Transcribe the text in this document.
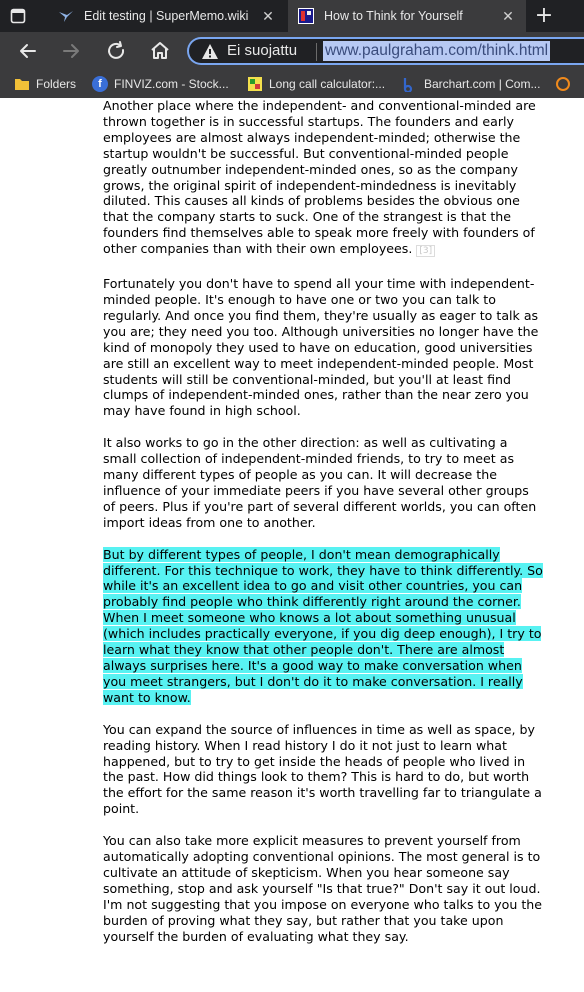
Edit testing | SuperMemo.wiki ✕	How to Think for Yourself	✕ +
Ei suojattu www.paulgraham.com/think.html
Folders	f	FINVIZ.com - Stock...	Long call calculator:...	Barchart.com | Com...

Another place where the independent- and conventional-minded are thrown together is in successful startups. The founders and early employees are almost always independent-minded; otherwise the startup wouldn't be successful. But conventional-minded people greatly outnumber independent-minded ones, so as the company grows, the original spirit of independent-mindedness is inevitably diluted. This causes all kinds of problems besides the obvious one that the company starts to suck. One of the strangest is that the founders find themselves able to speak more freely with founders of other companies than with their own employees. [3]

Fortunately you don't have to spend all your time with independent-minded people. It's enough to have one or two you can talk to regularly. And once you find them, they're usually as eager to talk as you are; they need you too. Although universities no longer have the kind of monopoly they used to have on education, good universities are still an excellent way to meet independent-minded people. Most students will still be conventional-minded, but you'll at least find clumps of independent-minded ones, rather than the near zero you may have found in high school.

It also works to go in the other direction: as well as cultivating a small collection of independent-minded friends, to try to meet as many different types of people as you can. It will decrease the influence of your immediate peers if you have several other groups of peers. Plus if you're part of several different worlds, you can often import ideas from one to another.

But by different types of people, I don't mean demographically different. For this technique to work, they have to think differently. So while it's an excellent idea to go and visit other countries, you can probably find people who think differently right around the corner. When I meet someone who knows a lot about something unusual (which includes practically everyone, if you dig deep enough), I try to learn what they know that other people don't. There are almost always surprises here. It's a good way to make conversation when you meet strangers, but I don't do it to make conversation. I really want to know.

You can expand the source of influences in time as well as space, by reading history. When I read history I do it not just to learn what happened, but to try to get inside the heads of people who lived in the past. How did things look to them? This is hard to do, but worth the effort for the same reason it's worth travelling far to triangulate a point.

You can also take more explicit measures to prevent yourself from automatically adopting conventional opinions. The most general is to cultivate an attitude of skepticism. When you hear someone say something, stop and ask yourself "Is that true?" Don't say it out loud. I'm not suggesting that you impose on everyone who talks to you the burden of proving what they say, but rather that you take upon yourself the burden of evaluating what they say.
